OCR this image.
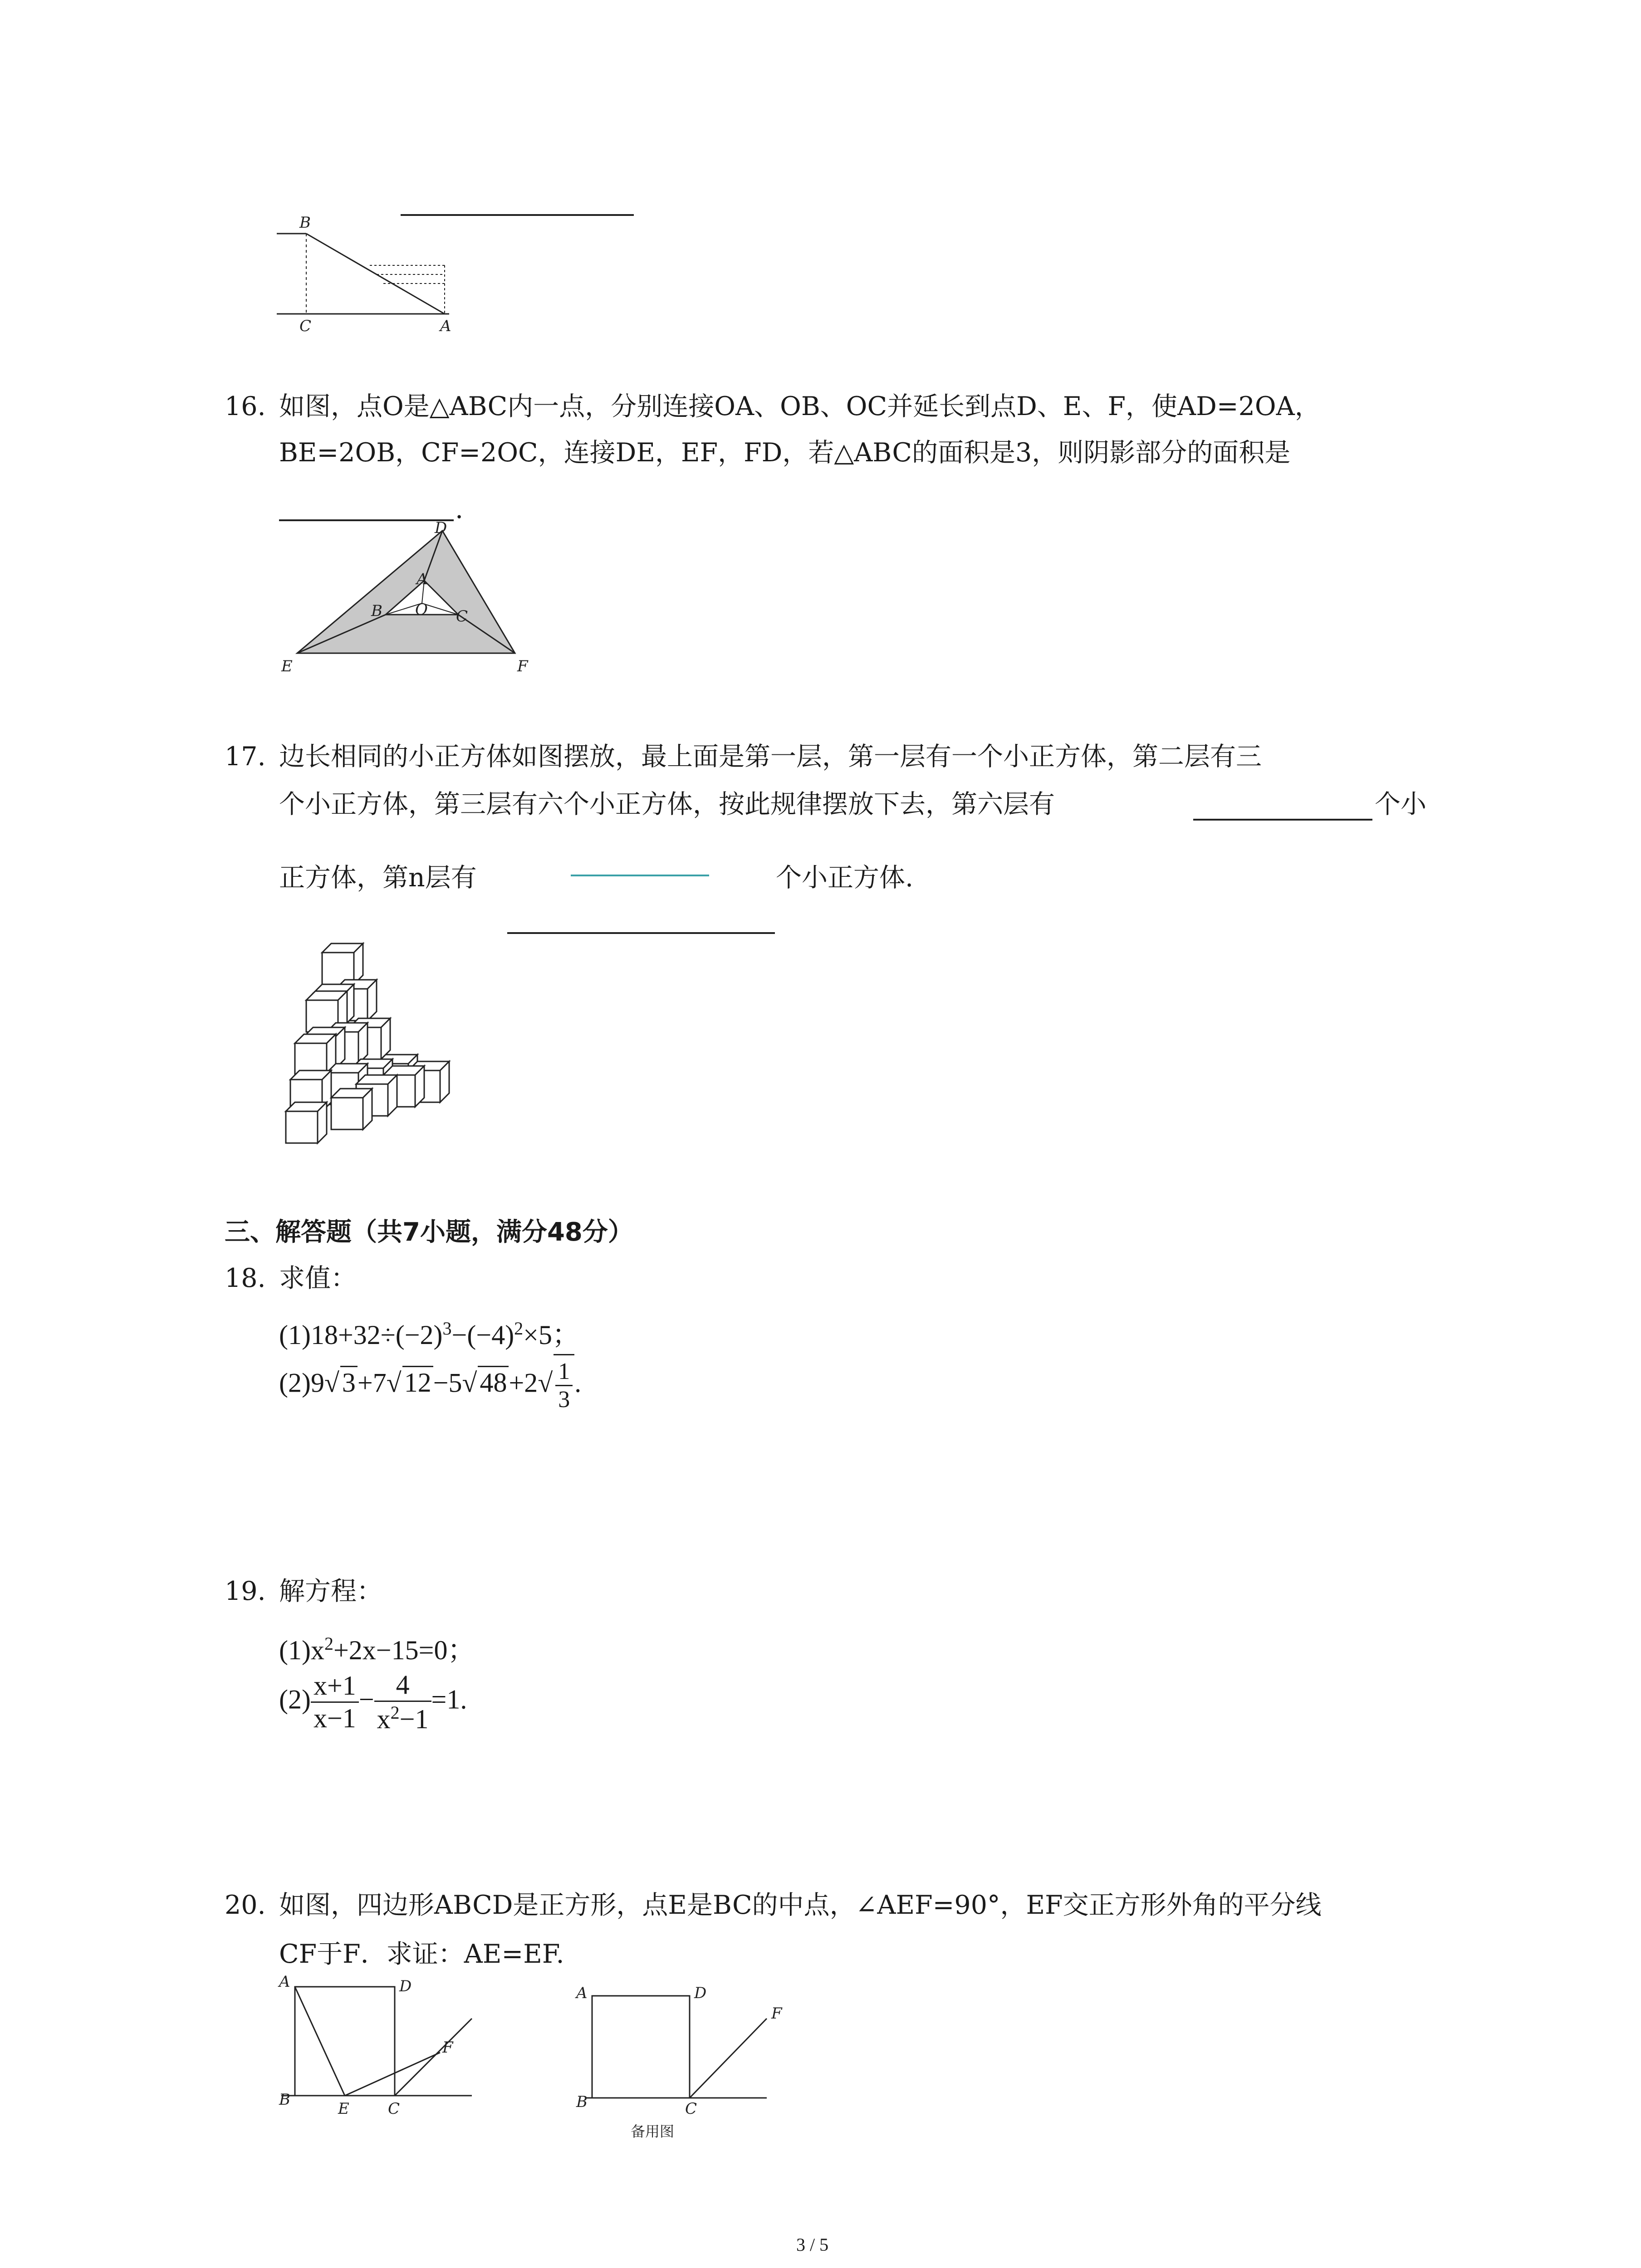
B
C	A
16. 如图，点O是△ABC内一点，分别连接OA、OB、OC并延长到点D、E、F，使AD=2OA，
BE=2OB，CF=2OC，连接DE，EF，FD，若△ABC的面积是3，则阴影部分的面积是
.
D
A
B O C
E	F
17. 边长相同的小正方体如图摆放，最上面是第一层，第一层有一个小正方体，第二层有三
个小正方体，第三层有六个小正方体，按此规律摆放下去，第六层有	个小
正方体，第n层有	个小正方体.
三、解答题（共7小题，满分48分）
18. 求值：
$(1)18+32\div(-2)^3-(-4)^2\times 5$；
(2)9√ 3+7√ 12−5√ $48+2√ \frac{1}{3}$ .
19. 解方程：
$(1)x^2+2x-15=0$；
$(2) \frac{x+1}{x-1} - \frac{4}{x^2-1} =1$.
20. 如图，四边形ABCD是正方形，点E是BC的中点，∠AEF=90°，EF交正方形外角的平分线
CF于F．求证：AE=EF.
A	D
B	E	C
F
A	D
B	C
F
备用图
3 / 5
